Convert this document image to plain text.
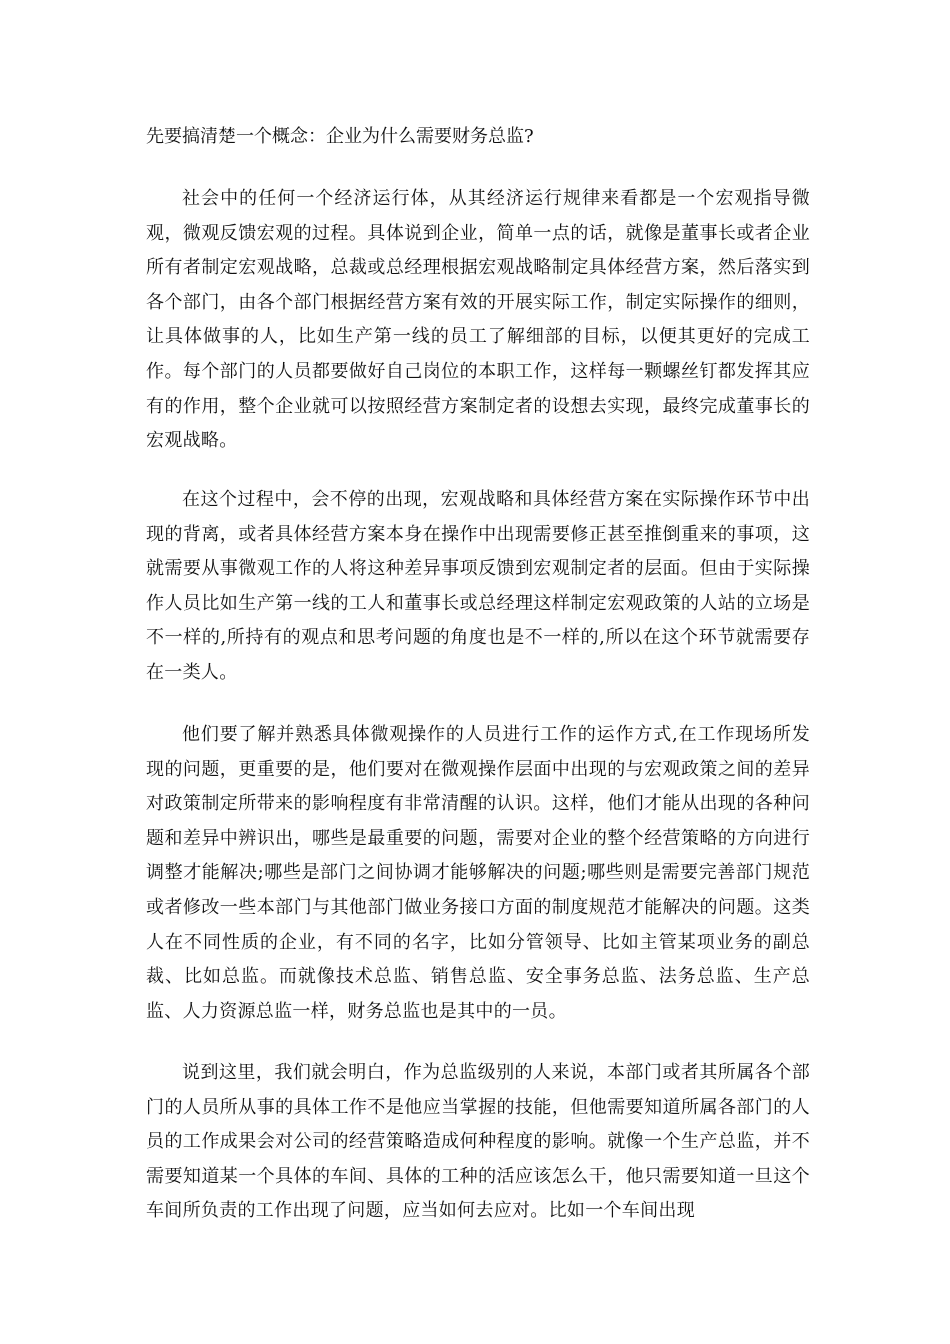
先要搞清楚一个概念：企业为什么需要财务总监?

社会中的任何一个经济运行体，从其经济运行规律来看都是一个宏观指导微观，微观反馈宏观的过程。具体说到企业，简单一点的话，就像是董事长或者企业所有者制定宏观战略，总裁或总经理根据宏观战略制定具体经营方案，然后落实到各个部门，由各个部门根据经营方案有效的开展实际工作，制定实际操作的细则，让具体做事的人，比如生产第一线的员工了解细部的目标，以便其更好的完成工作。每个部门的人员都要做好自己岗位的本职工作，这样每一颗螺丝钉都发挥其应有的作用，整个企业就可以按照经营方案制定者的设想去实现，最终完成董事长的宏观战略。

在这个过程中，会不停的出现，宏观战略和具体经营方案在实际操作环节中出现的背离，或者具体经营方案本身在操作中出现需要修正甚至推倒重来的事项，这就需要从事微观工作的人将这种差异事项反馈到宏观制定者的层面。但由于实际操作人员比如生产第一线的工人和董事长或总经理这样制定宏观政策的人站的立场是不一样的,所持有的观点和思考问题的角度也是不一样的,所以在这个环节就需要存在一类人。

他们要了解并熟悉具体微观操作的人员进行工作的运作方式,在工作现场所发现的问题，更重要的是，他们要对在微观操作层面中出现的与宏观政策之间的差异对政策制定所带来的影响程度有非常清醒的认识。这样，他们才能从出现的各种问题和差异中辨识出，哪些是最重要的问题，需要对企业的整个经营策略的方向进行调整才能解决;哪些是部门之间协调才能够解决的问题;哪些则是需要完善部门规范或者修改一些本部门与其他部门做业务接口方面的制度规范才能解决的问题。这类人在不同性质的企业，有不同的名字，比如分管领导、比如主管某项业务的副总裁、比如总监。而就像技术总监、销售总监、安全事务总监、法务总监、生产总监、人力资源总监一样，财务总监也是其中的一员。

说到这里，我们就会明白，作为总监级别的人来说，本部门或者其所属各个部门的人员所从事的具体工作不是他应当掌握的技能，但他需要知道所属各部门的人员的工作成果会对公司的经营策略造成何种程度的影响。就像一个生产总监，并不需要知道某一个具体的车间、具体的工种的活应该怎么干，他只需要知道一旦这个车间所负责的工作出现了问题，应当如何去应对。比如一个车间出现
